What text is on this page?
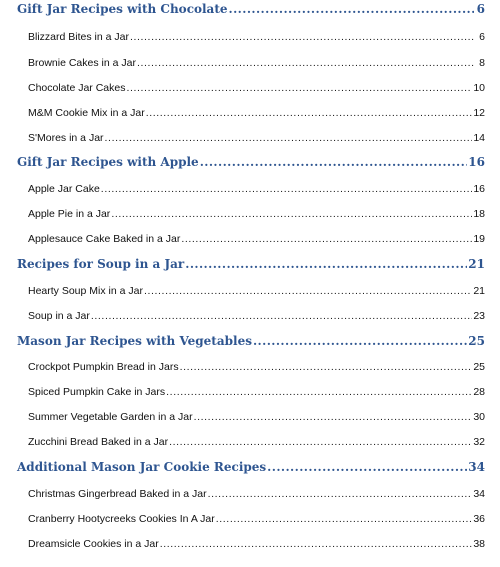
Gift Jar Recipes with Chocolate .....	6
Blizzard Bites in a Jar .....	6
Brownie Cakes in a Jar .....	8
Chocolate Jar Cakes .....	10
M&M Cookie Mix in a Jar .....	12
S'Mores in a Jar .....	14
Gift Jar Recipes with Apple .....	16
Apple Jar Cake .....	16
Apple Pie in a Jar .....	18
Applesauce Cake Baked in a Jar .....	19
Recipes for Soup in a Jar .....	21
Hearty Soup Mix in a Jar .....	21
Soup in a Jar .....	23
Mason Jar Recipes with Vegetables .....	25
Crockpot Pumpkin Bread in Jars .....	25
Spiced Pumpkin Cake in Jars .....	28
Summer Vegetable Garden in a Jar .....	30
Zucchini Bread Baked in a Jar .....	32
Additional Mason Jar Cookie Recipes .....	34
Christmas Gingerbread Baked in a Jar .....	34
Cranberry Hootycreeks Cookies In A Jar .....	36
Dreamsicle Cookies in a Jar .....	38
